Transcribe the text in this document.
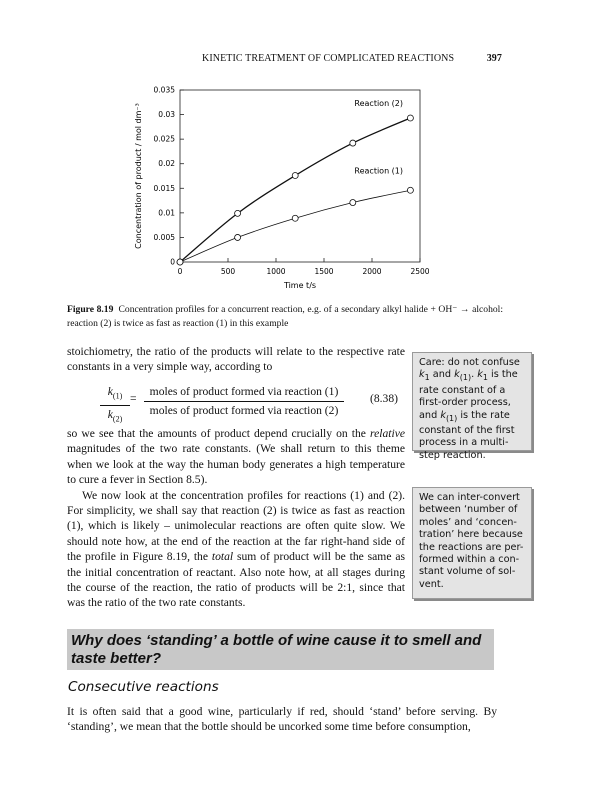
KINETIC TREATMENT OF COMPLICATED REACTIONS	397
0	500	1000	1500	2000	2500
0
0.005
0.01
0.015
0.02
0.025
0.03
0.035
Time t/s
Concentration of product / mol dm⁻³	Reaction (2)
Reaction (1)
Figure 8.19 Concentration profiles for a concurrent reaction, e.g. of a secondary alkyl halide + OH⁻ → alcohol: reaction (2) is twice as fast as reaction (1) in this example

stoichiometry, the ratio of the products will relate to the respective rate constants in a very simple way, according to

$k_{(1)}$
$k_{(2)}$
=
moles of product formed via reaction (1)
moles of product formed via reaction (2)
(8.38)

so we see that the amounts of product depend crucially on the relative magnitudes of the two rate constants. (We shall return to this theme when we look at the way the human body generates a high temperature to cure a fever in Section 8.5).

We now look at the concentration profiles for reactions (1) and (2). For simplicity, we shall say that reaction (2) is twice as fast as reaction (1), which is likely – unimolecular reactions are often quite slow. We should note how, at the end of the reaction at the far right-hand side of the profile in Figure 8.19, the total sum of product will be the same as the initial concentration of reactant. Also note how, at all stages during the course of the reaction, the ratio of products will be 2:1, since that was the ratio of the two rate constants.

Care: do not confuse $k_1$ and $k_{(1)}$. $k_1$ is the rate constant of a first-order process, and $k_{(1)}$ is the rate constant of the first process in a multi-step reaction.
We can inter-convert between ‘number of moles’ and ‘concen-tration’ here because the reactions are per-formed within a con-stant volume of sol-vent.
Why does ‘standing’ a bottle of wine cause it to smell and taste better?
Consecutive reactions

It is often said that a good wine, particularly if red, should ‘stand’ before serving. By ‘standing’, we mean that the bottle should be uncorked some time before consumption,
